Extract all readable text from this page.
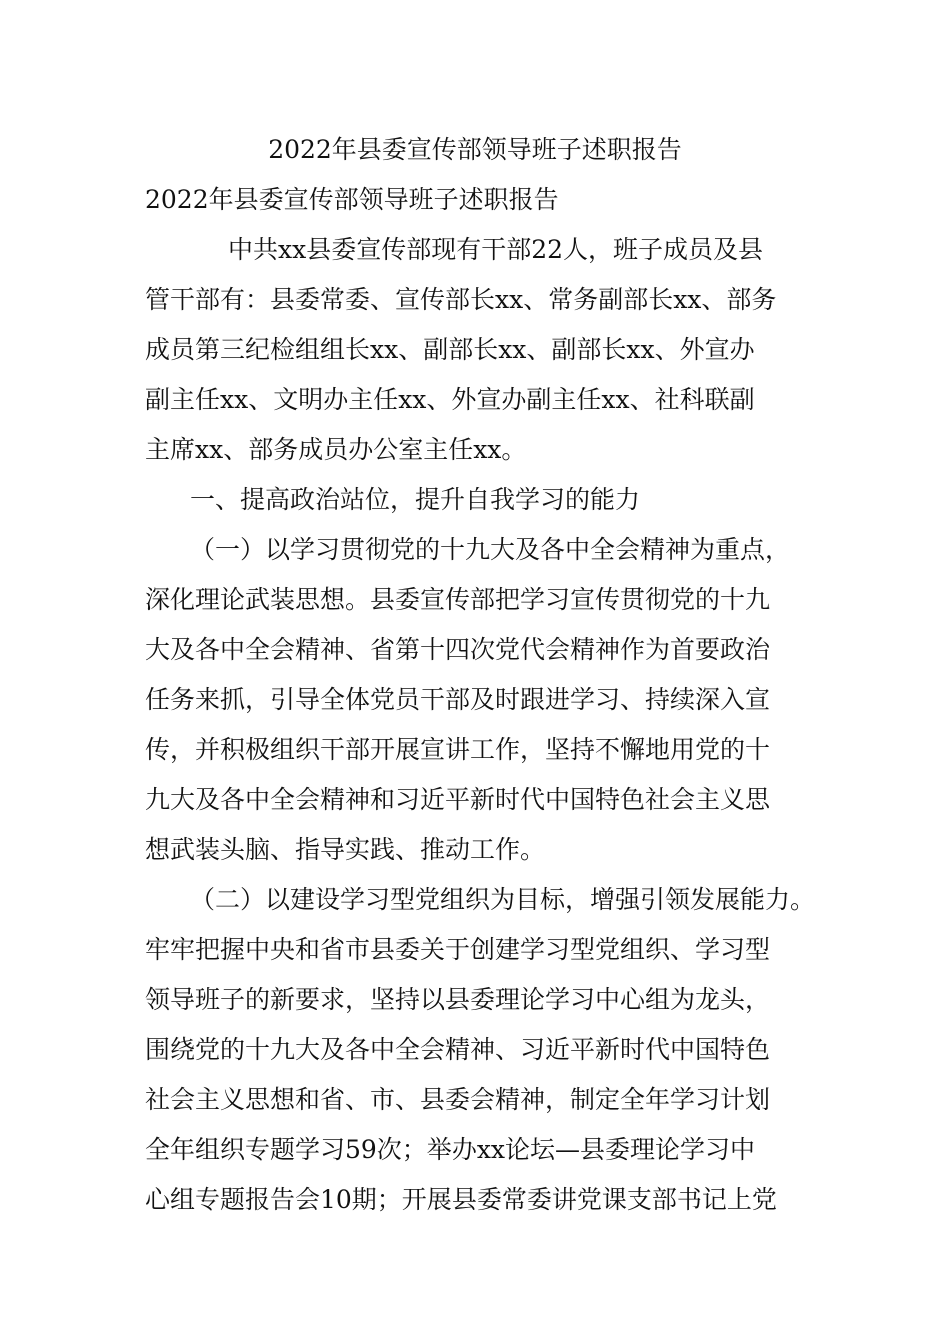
2022年县委宣传部领导班子述职报告
2022年县委宣传部领导班子述职报告
中共xx县委宣传部现有干部22人，班子成员及县
管干部有：县委常委、宣传部长xx、常务副部长xx、部务
成员第三纪检组组长xx、副部长xx、副部长xx、外宣办
副主任xx、文明办主任xx、外宣办副主任xx、社科联副
主席xx、部务成员办公室主任xx。
一、提高政治站位，提升自我学习的能力
（一）以学习贯彻党的十九大及各中全会精神为重点，
深化理论武装思想。县委宣传部把学习宣传贯彻党的十九
大及各中全会精神、省第十四次党代会精神作为首要政治
任务来抓，引导全体党员干部及时跟进学习、持续深入宣
传，并积极组织干部开展宣讲工作，坚持不懈地用党的十
九大及各中全会精神和习近平新时代中国特色社会主义思
想武装头脑、指导实践、推动工作。
（二）以建设学习型党组织为目标，增强引领发展能力。
牢牢把握中央和省市县委关于创建学习型党组织、学习型
领导班子的新要求，坚持以县委理论学习中心组为龙头，
围绕党的十九大及各中全会精神、习近平新时代中国特色
社会主义思想和省、市、县委会精神，制定全年学习计划
全年组织专题学习59次；举办xx论坛—县委理论学习中
心组专题报告会10期；开展县委常委讲党课支部书记上党
